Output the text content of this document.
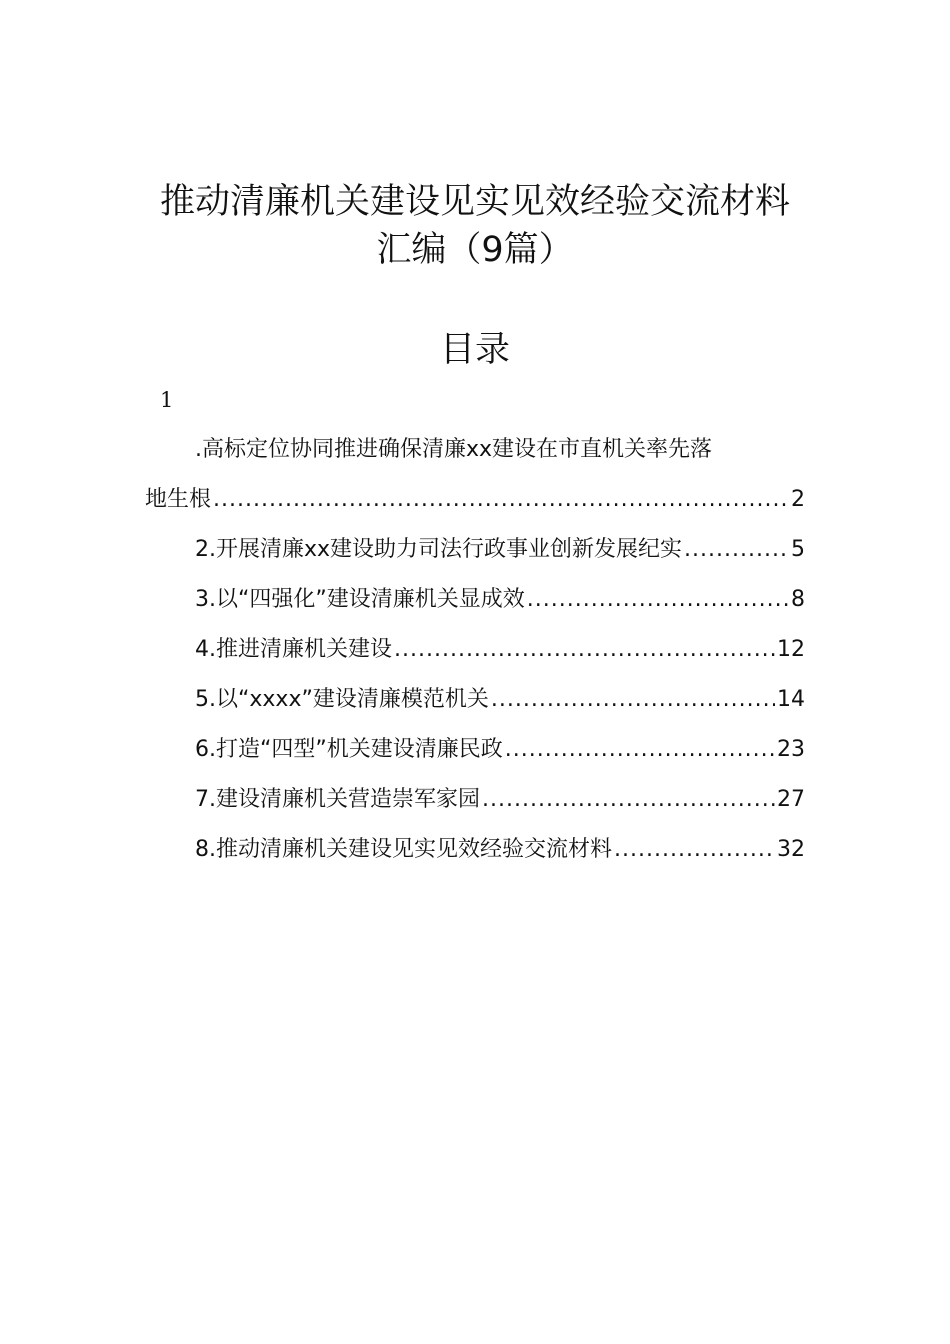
推动清廉机关建设见实见效经验交流材料
汇编（9篇）
目录
1
.高标定位协同推进确保清廉xx建设在市直机关率先落
地生根 .....	2
2.开展清廉xx建设助力司法行政事业创新发展纪实 .....	5
3.以“四强化”建设清廉机关显成效 .....	8
4.推进清廉机关建设 .....	12
5.以“xxxx”建设清廉模范机关 .....	14
6.打造“四型”机关建设清廉民政 .....	23
7.建设清廉机关营造崇军家园 .....	27
8.推动清廉机关建设见实见效经验交流材料 .....	32
